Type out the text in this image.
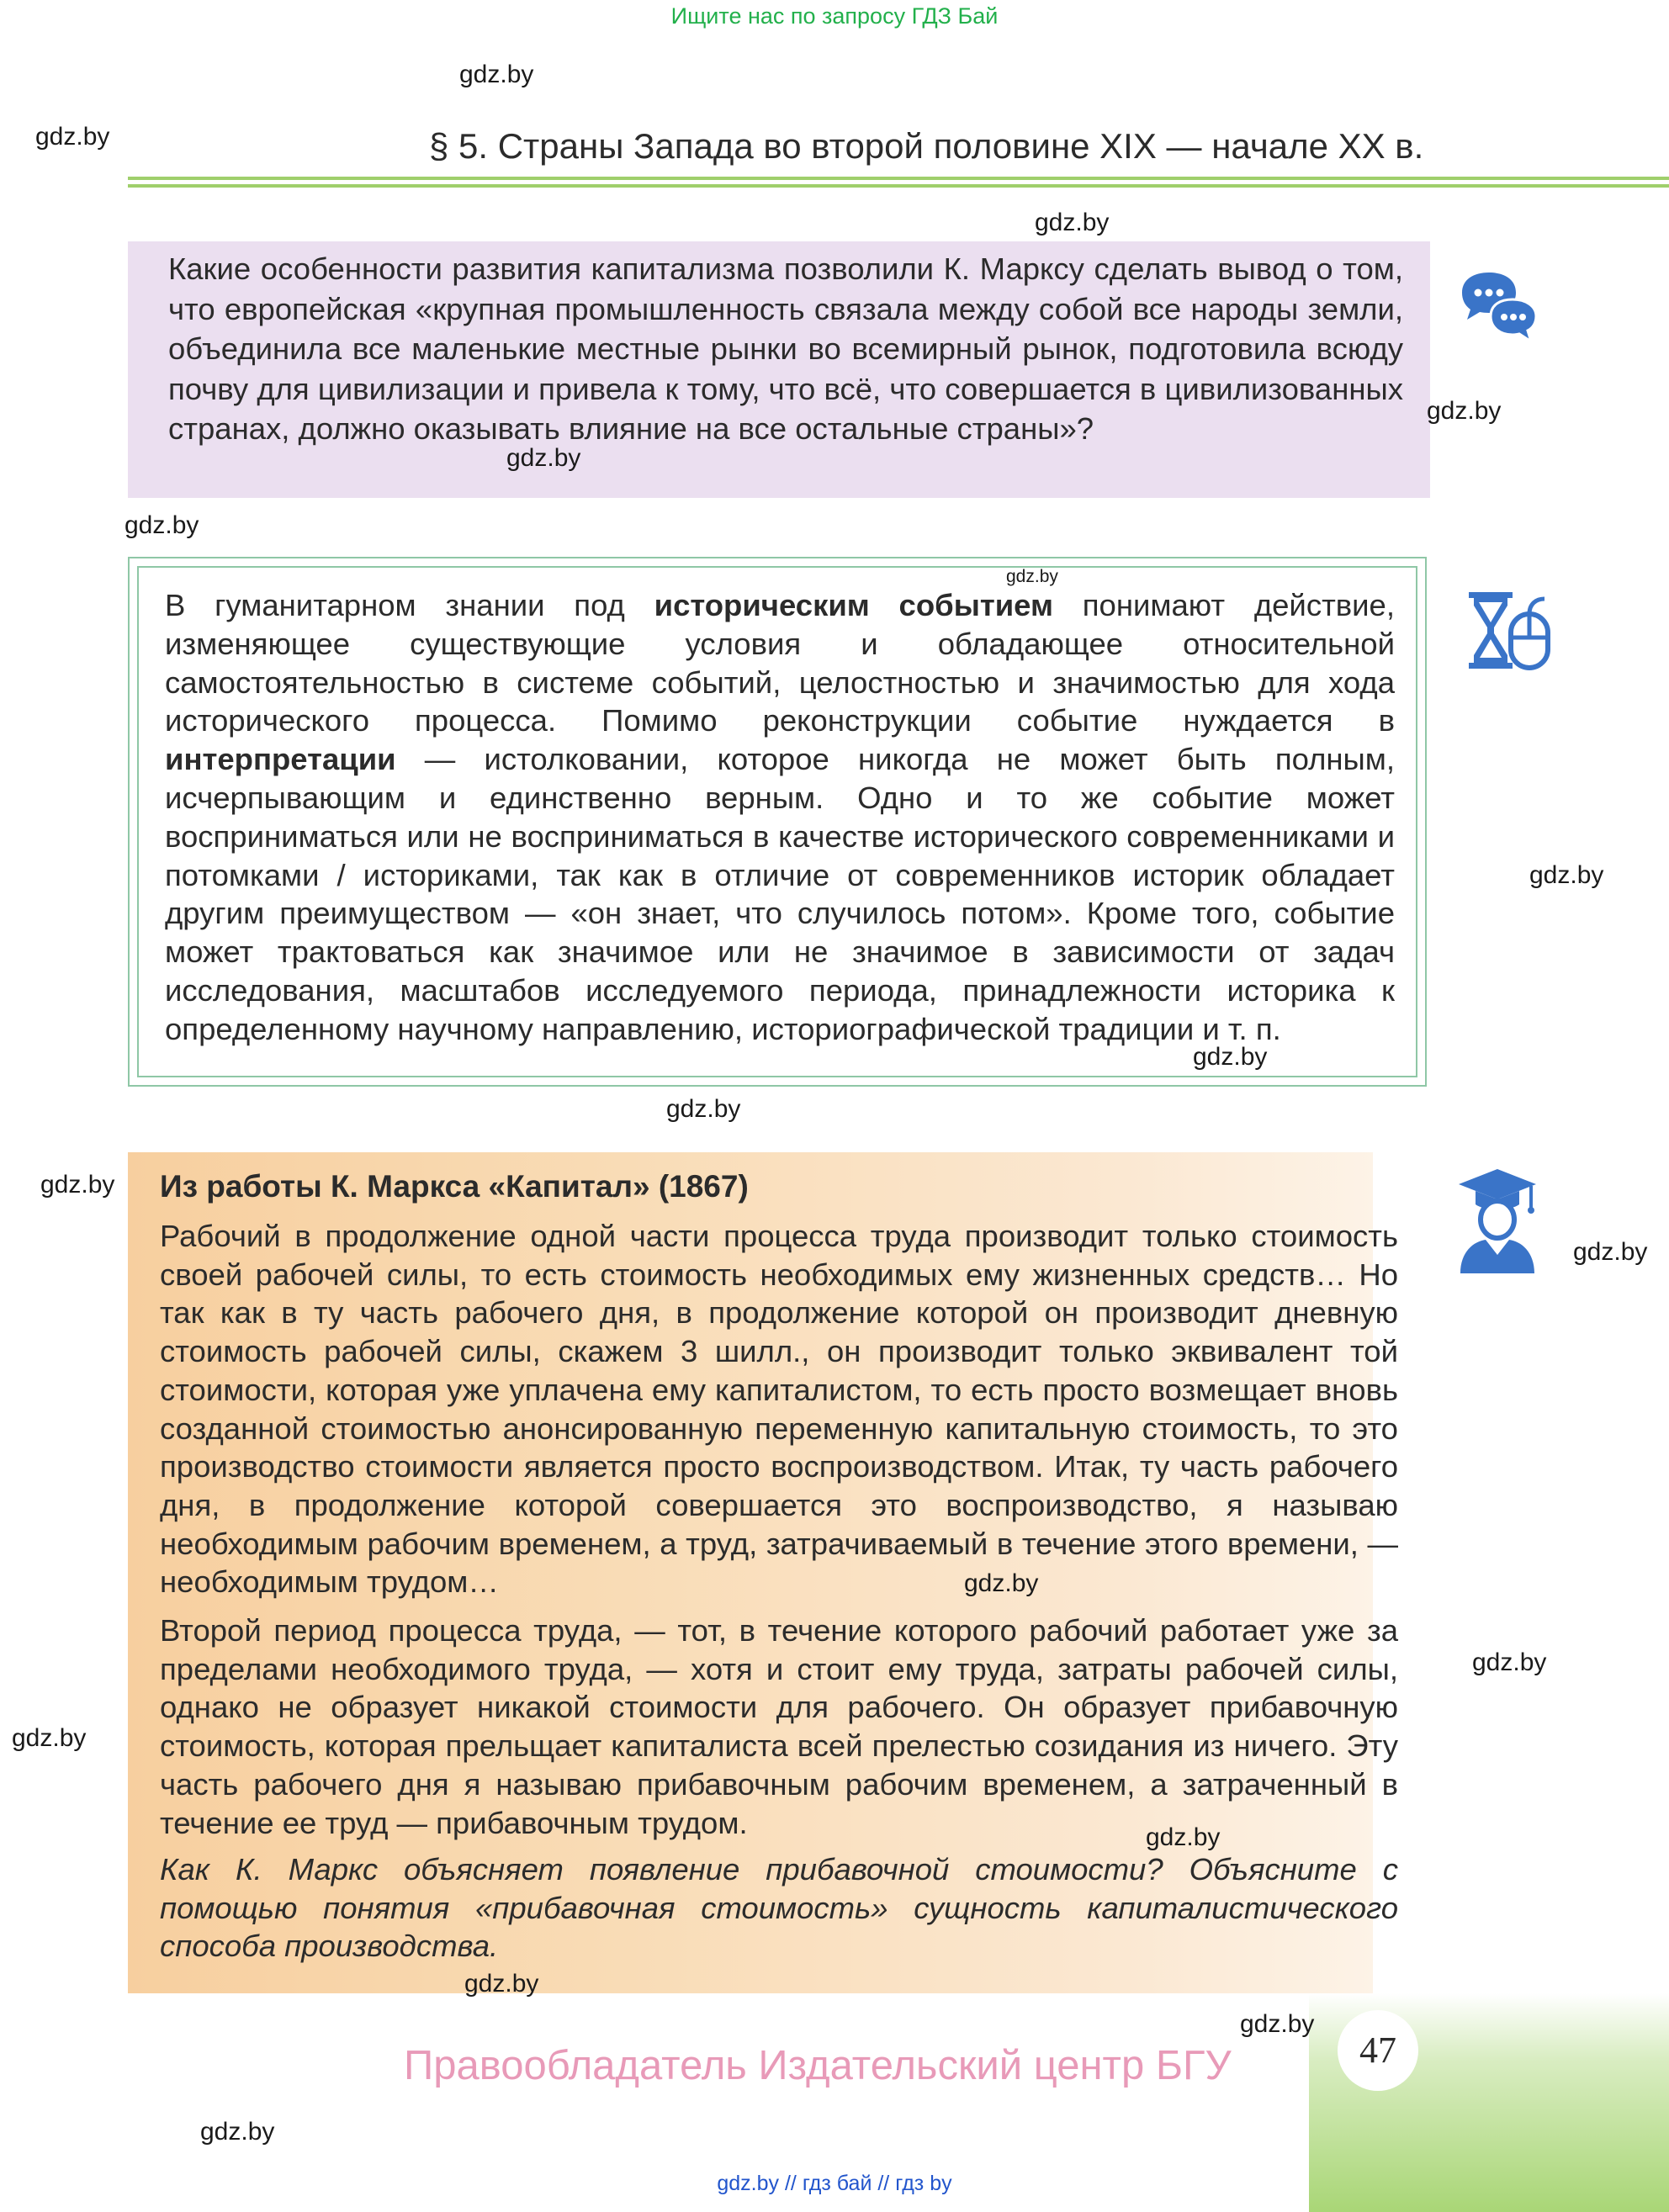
Ищите нас по запросу ГДЗ Бай
§ 5. Страны Запада во второй половине XIX — начале XX в.
Какие особенности развития капитализма позволили К. Марксу сделать вывод о том, что европейская «крупная промышленность связала между собой все народы земли, объединила все маленькие местные рынки во всемирный рынок, подготовила всюду почву для цивилизации и привела к тому, что всё, что совершается в цивилизованных странах, должно оказывать влияние на все остальные страны»?
В гуманитарном знании под историческим событием понимают действие, изменяющее существующие условия и обладающее относительной самостоятельностью в системе событий, целостностью и значимостью для хода исторического процесса. Помимо реконструкции событие нуждается в интерпретации — истолковании, которое никогда не может быть полным, исчерпывающим и единственно верным. Одно и то же событие может восприниматься или не восприниматься в качестве исторического современниками и потомками / историками, так как в отличие от современников историк обладает другим преимуществом — «он знает, что случилось потом». Кроме того, событие может трактоваться как значимое или не значимое в зависимости от задач исследования, масштабов исследуемого периода, принадлежности историка к определенному научному направлению, историографической традиции и т. п.
Из работы К. Маркса «Капитал» (1867)
Рабочий в продолжение одной части процесса труда производит только стоимость своей рабочей силы, то есть стоимость необходимых ему жизненных средств… Но так как в ту часть рабочего дня, в продолжение которой он производит дневную стоимость рабочей силы, скажем 3 шилл., он производит только эквивалент той стоимости, которая уже уплачена ему капиталистом, то есть просто возмещает вновь созданной стоимостью анонсированную переменную капитальную стоимость, то это производство стоимости является просто воспроизводством. Итак, ту часть рабочего дня, в продолжение которой совершается это воспроизводство, я называю необходимым рабочим временем, а труд, затрачиваемый в течение этого времени, — необходимым трудом…
Второй период процесса труда, — тот, в течение которого рабочий работает уже за пределами необходимого труда, — хотя и стоит ему труда, затраты рабочей силы, однако не образует никакой стоимости для рабочего. Он образует прибавочную стоимость, которая прельщает капиталиста всей прелестью созидания из ничего. Эту часть рабочего дня я называю прибавочным рабочим временем, а затраченный в течение ее труд — прибавочным трудом.
Как К. Маркс объясняет появление прибавочной стоимости? Объясните с помощью понятия «прибавочная стоимость» сущность капиталистического способа производства.
47
Правообладатель Издательский центр БГУ
gdz.by // гдз бай // гдз by
gdz.by
gdz.by
gdz.by
gdz.by
gdz.by
gdz.by
gdz.by
gdz.by
gdz.by
gdz.by
gdz.by
gdz.by
gdz.by
gdz.by
gdz.by
gdz.by
gdz.by
gdz.by
gdz.by
